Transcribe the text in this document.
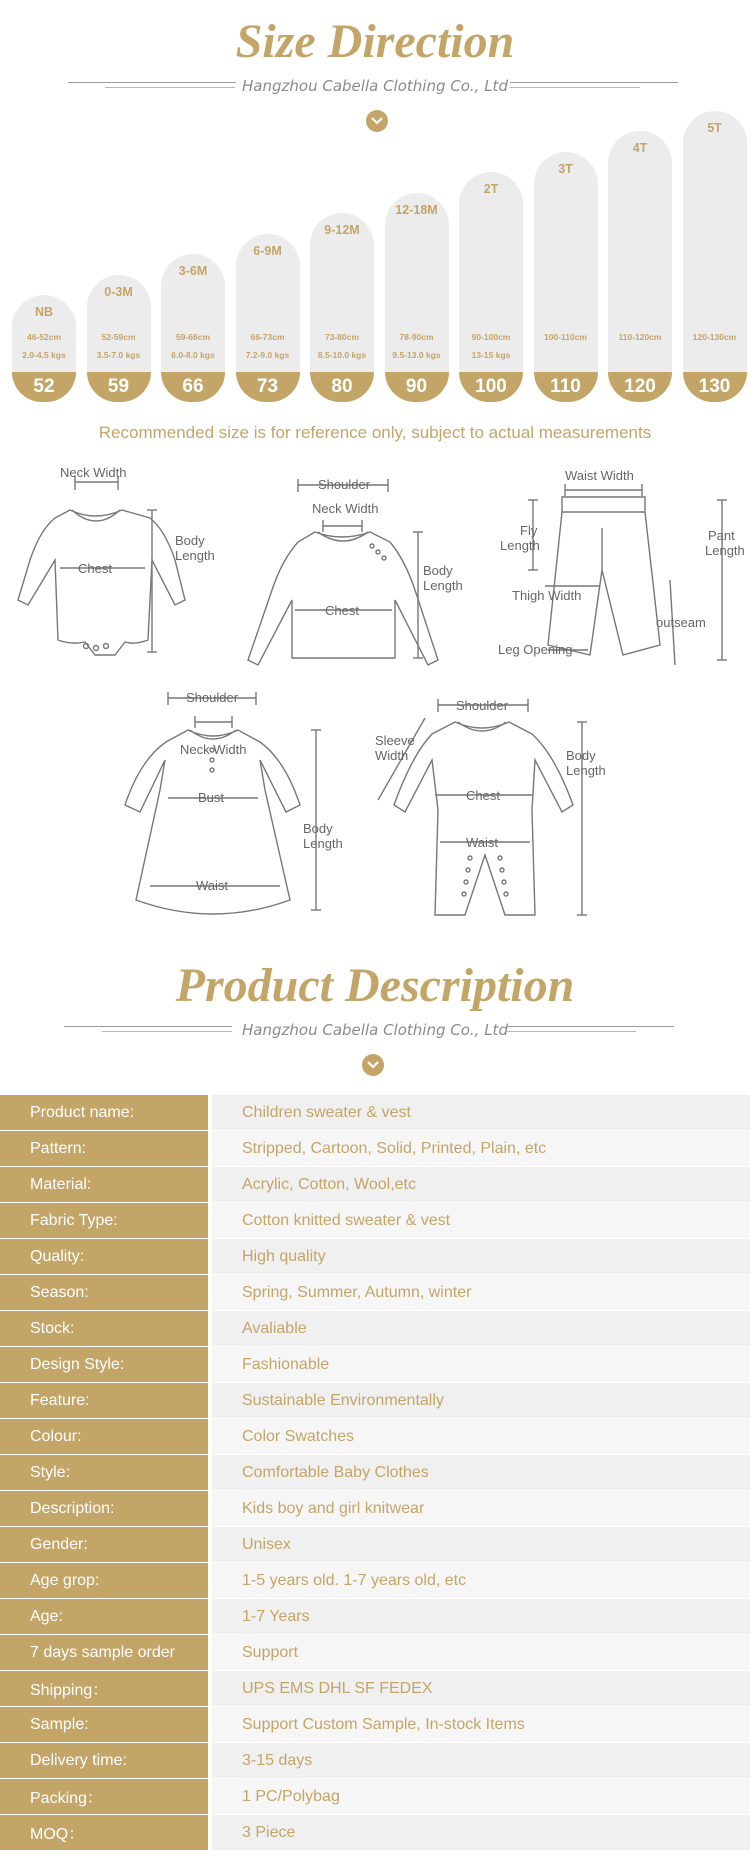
Size Direction
Hangzhou Cabella Clothing Co., Ltd
NB
46-52cm
2.0-4.5 kgs
52
0-3M
52-59cm
3.5-7.0 kgs
59
3-6M
59-66cm
6.0-8.0 kgs
66
6-9M
66-73cm
7.2-9.0 kgs
73
9-12M
73-80cm
8.5-10.0 kgs
80
12-18M
78-90cm
9.5-13.0 kgs
90
2T
90-100cm
13-15 kgs
100
3T
100-110cm
110
4T
110-120cm
120
5T
120-130cm
130
Recommended size is for reference only, subject to actual measurements
Neck Width
Chest
Body
Length
Shoulder
Neck Width
Chest
Body
Length
Waist Width
Fly
Length
Pant
Length
Thigh Width
outseam
Leg Opening
Shoulder
Neck Width
Bust
Waist
Body
Length
Shoulder
Chest
Waist
Sleeve
Width	Body
Length
Product Description
Hangzhou Cabella Clothing Co., Ltd
Product name:		Children sweater & vest
Pattern:		Stripped, Cartoon, Solid, Printed, Plain, etc
Material:		Acrylic, Cotton, Wool,etc
Fabric Type:		Cotton knitted sweater & vest
Quality:		High quality
Season:		Spring, Summer, Autumn, winter
Stock:		Avaliable
Design Style:		Fashionable
Feature:		Sustainable Environmentally
Colour:		Color Swatches
Style:		Comfortable Baby Clothes
Description:		Kids boy and girl knitwear
Gender:		Unisex
Age grop:		1-5 years old. 1-7 years old, etc
Age:		1-7 Years
7 days sample order		Support
Shipping：		UPS EMS DHL SF FEDEX
Sample:		Support Custom Sample, In-stock Items
Delivery time:		3-15 days
Packing：		1 PC/Polybag
MOQ：		3 Piece
